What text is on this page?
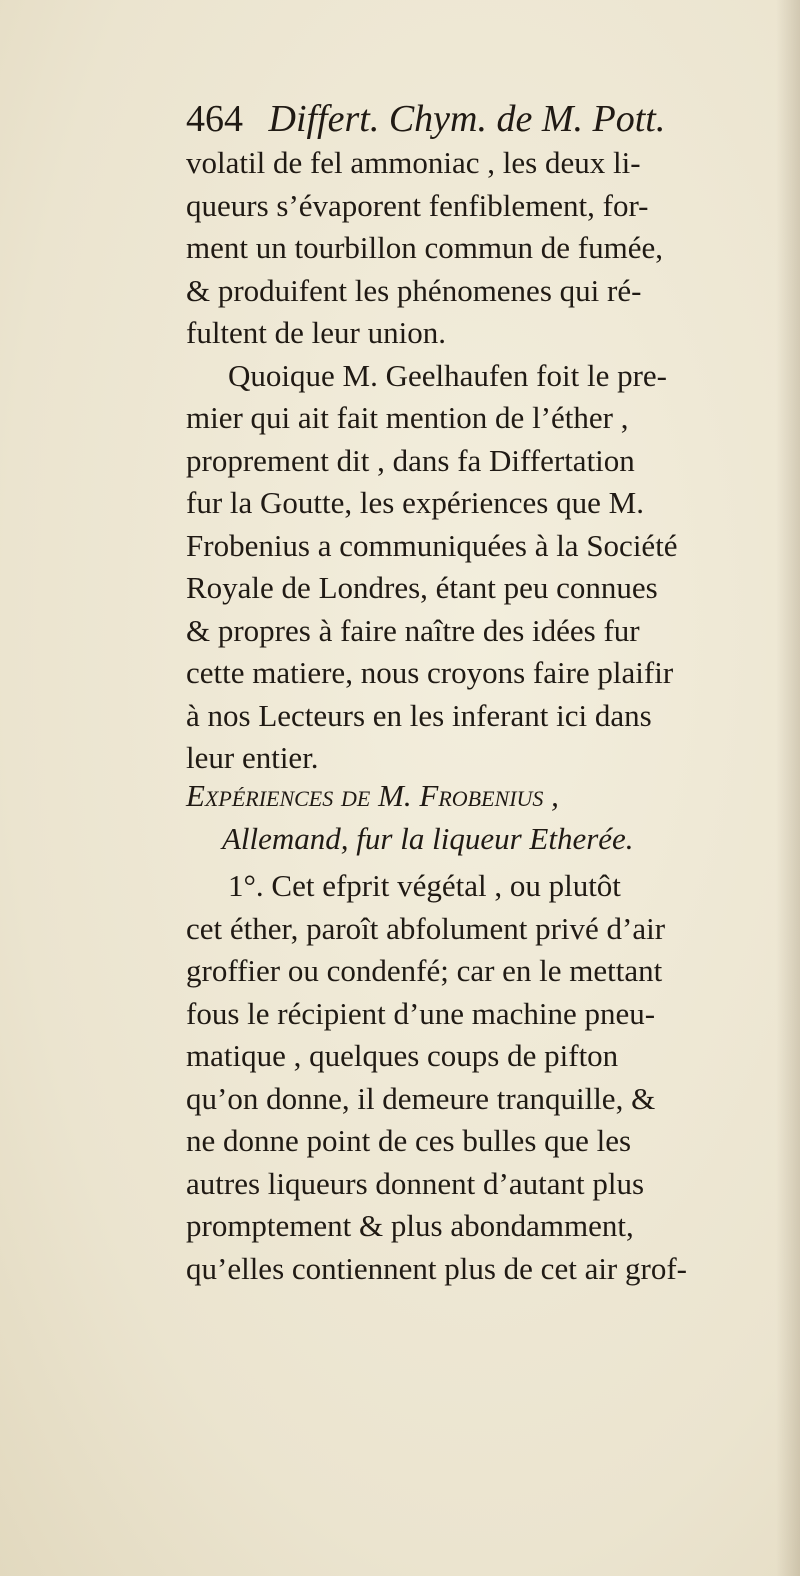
464 Differt. Chym. de M. Pott.
volatil de fel ammoniac , les deux li-
queurs s’évaporent fenfiblement, for-
ment un tourbillon commun de fumée,
& produifent les phénomenes qui ré-
fultent de leur union.
Quoique M. Geelhaufen foit le pre-
mier qui ait fait mention de l’éther ,
proprement dit , dans fa Differtation
fur la Goutte, les expériences que M.
Frobenius a communiquées à la Société
Royale de Londres, étant peu connues
& propres à faire naître des idées fur
cette matiere, nous croyons faire plaifir
à nos Lecteurs en les inferant ici dans
leur entier.
Expériences de M. Frobenius ,
Allemand, fur la liqueur Etherée.
1°. Cet efprit végétal , ou plutôt
cet éther, paroît abfolument privé d’air
groffier ou condenfé; car en le mettant
fous le récipient d’une machine pneu-
matique , quelques coups de pifton
qu’on donne, il demeure tranquille, &
ne donne point de ces bulles que les
autres liqueurs donnent d’autant plus
promptement & plus abondamment,
qu’elles contiennent plus de cet air grof-
